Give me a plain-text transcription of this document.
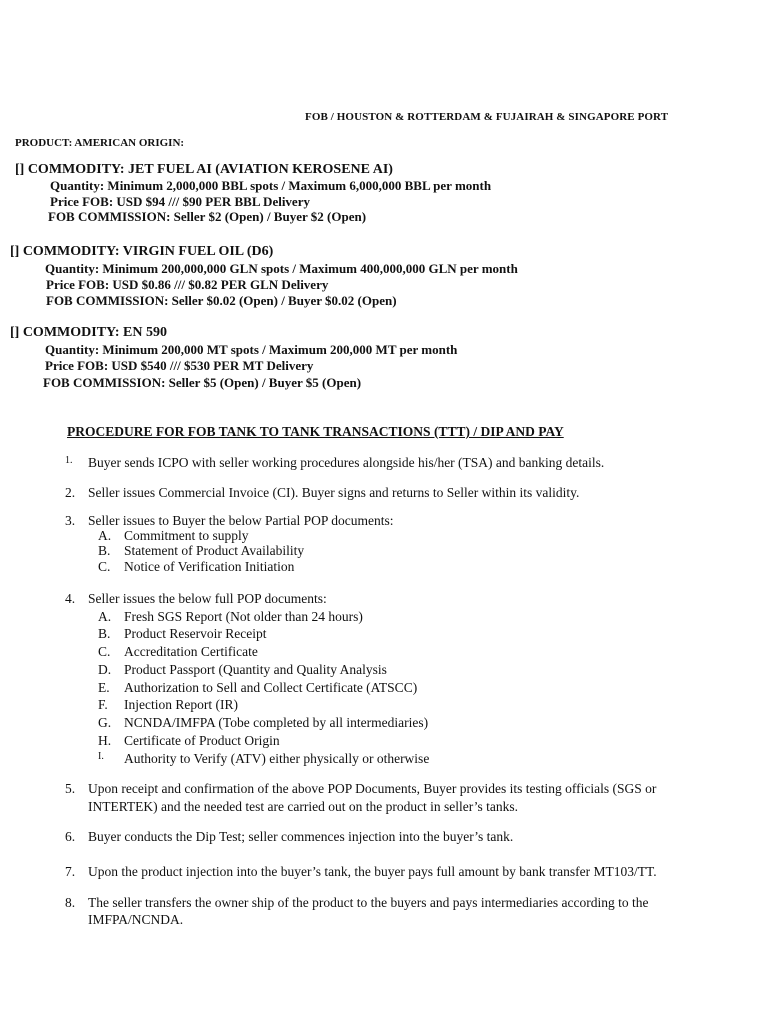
FOB / HOUSTON & ROTTERDAM & FUJAIRAH & SINGAPORE PORT
PRODUCT: AMERICAN ORIGIN:
[] COMMODITY: JET FUEL AI (AVIATION KEROSENE AI)
Quantity: Minimum 2,000,000 BBL spots / Maximum 6,000,000 BBL per month
Price FOB: USD $94 /// $90 PER BBL Delivery
FOB COMMISSION: Seller $2 (Open) / Buyer $2 (Open)
[] COMMODITY: VIRGIN FUEL OIL (D6)
Quantity: Minimum 200,000,000 GLN spots / Maximum 400,000,000 GLN per month
Price FOB: USD $0.86 /// $0.82 PER GLN Delivery
FOB COMMISSION: Seller $0.02 (Open) / Buyer $0.02 (Open)
[] COMMODITY: EN 590
Quantity: Minimum 200,000 MT spots / Maximum 200,000 MT per month
Price FOB: USD $540 /// $530 PER MT Delivery
FOB COMMISSION: Seller $5 (Open) / Buyer $5 (Open)
PROCEDURE FOR FOB TANK TO TANK TRANSACTIONS (TTT) / DIP AND PAY
1. Buyer sends ICPO with seller working procedures alongside his/her (TSA) and banking details.
2. Seller issues Commercial Invoice (CI). Buyer signs and returns to Seller within its validity.
3. Seller issues to Buyer the below Partial POP documents:
A. Commitment to supply
B. Statement of Product Availability
C. Notice of Verification Initiation
4. Seller issues the below full POP documents:
A. Fresh SGS Report (Not older than 24 hours)
B. Product Reservoir Receipt
C. Accreditation Certificate
D. Product Passport (Quantity and Quality Analysis
E. Authorization to Sell and Collect Certificate (ATSCC)
F. Injection Report (IR)
G. NCNDA/IMFPA (Tobe completed by all intermediaries)
H. Certificate of Product Origin
I. Authority to Verify (ATV) either physically or otherwise
5. Upon receipt and confirmation of the above POP Documents, Buyer provides its testing officials (SGS or
INTERTEK) and the needed test are carried out on the product in seller’s tanks.
6. Buyer conducts the Dip Test; seller commences injection into the buyer’s tank.
7. Upon the product injection into the buyer’s tank, the buyer pays full amount by bank transfer MT103/TT.
8. The seller transfers the owner ship of the product to the buyers and pays intermediaries according to the
IMFPA/NCNDA.
